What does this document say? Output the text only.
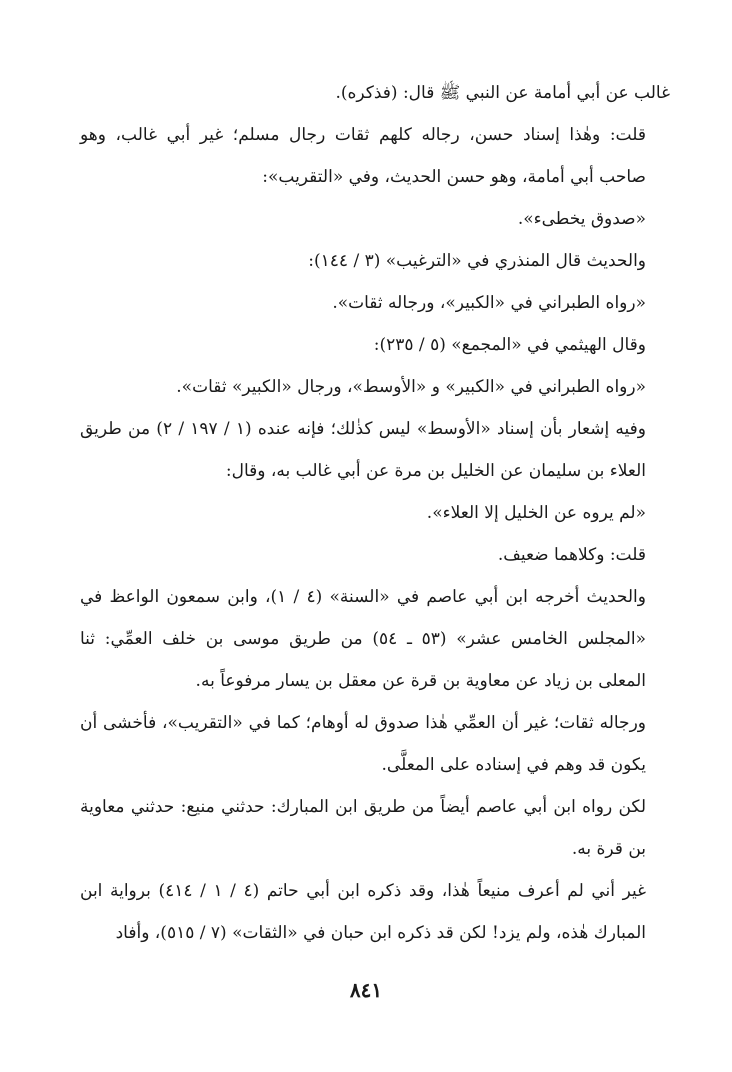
غالب عن أبي أمامة عن النبي ﷺ قال: (فذكره).

قلت: وهٰذا إسناد حسن، رجاله كلهم ثقات رجال مسلم؛ غير أبي غالب، وهو صاحب أبي أمامة، وهو حسن الحديث، وفي «التقريب»:

«صدوق يخطىء».

والحديث قال المنذري في «الترغيب» (٣ / ١٤٤):

«رواه الطبراني في «الكبير»، ورجاله ثقات».

وقال الهيثمي في «المجمع» (٥ / ٢٣٥):

«رواه الطبراني في «الكبير» و «الأوسط»، ورجال «الكبير» ثقات».

وفيه إشعار بأن إسناد «الأوسط» ليس كذٰلك؛ فإنه عنده (١ / ١٩٧ / ٢) من طريق العلاء بن سليمان عن الخليل بن مرة عن أبي غالب به، وقال:

«لم يروه عن الخليل إلا العلاء».

قلت: وكلاهما ضعيف.

والحديث أخرجه ابن أبي عاصم في «السنة» (٤ / ١)، وابن سمعون الواعظ في «المجلس الخامس عشر» (٥٣ ـ ٥٤) من طريق موسى بن خلف العمِّي: ثنا المعلى بن زياد عن معاوية بن قرة عن معقل بن يسار مرفوعاً به.

ورجاله ثقات؛ غير أن العمِّي هٰذا صدوق له أوهام؛ كما في «التقريب»، فأخشى أن يكون قد وهم في إسناده على المعلَّى.

لكن رواه ابن أبي عاصم أيضاً من طريق ابن المبارك: حدثني منيع: حدثني معاوية بن قرة به.

غير أني لم أعرف منيعاً هٰذا، وقد ذكره ابن أبي حاتم (٤ / ١ / ٤١٤) برواية ابن المبارك هٰذه، ولم يزد! لكن قد ذكره ابن حبان في «الثقات» (٧ / ٥١٥)، وأفاد

٨٤١
